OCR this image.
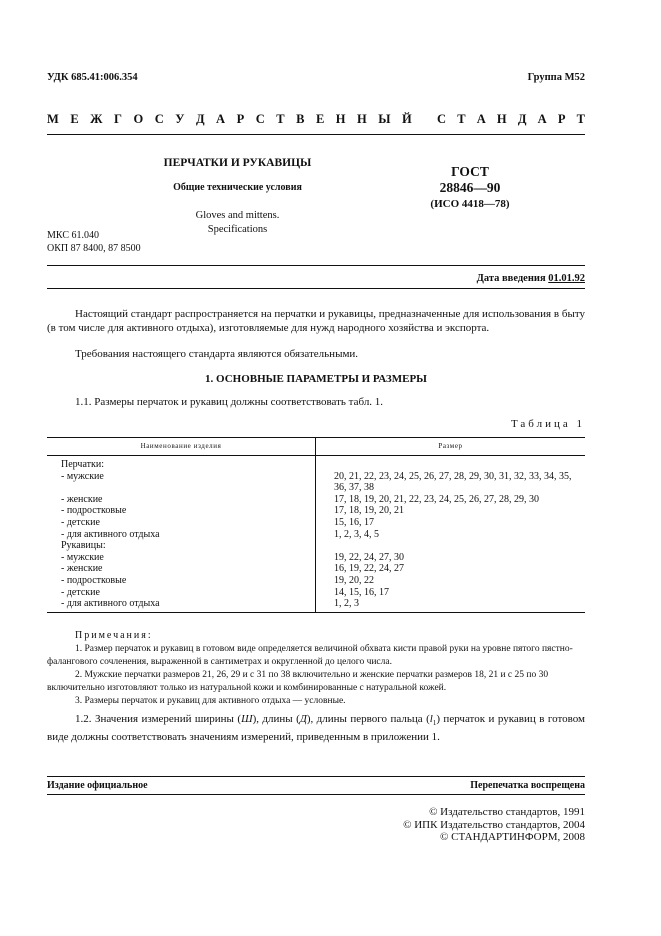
УДК 685.41:006.354	Группа М52
М Е Ж Г О С У Д А Р С Т В Е Н Н Ы Й С Т А Н Д А Р Т
ПЕРЧАТКИ И РУКАВИЦЫ
Общие технические условия
Gloves and mittens.
Specifications
ГОСТ
28846—90
(ИСО 4418—78)
МКС 61.040
ОКП 87 8400, 87 8500
Дата введения 01.01.92
Настоящий стандарт распространяется на перчатки и рукавицы, предназначенные для использования в быту (в том числе для активного отдыха), изготовляемые для нужд народного хозяйства и экспорта.
Требования настоящего стандарта являются обязательными.
1. ОСНОВНЫЕ ПАРАМЕТРЫ И РАЗМЕРЫ
1.1. Размеры перчаток и рукавиц должны соответствовать табл. 1.
Таблица 1
Наименование изделия	Размер
Перчатки:	
- мужские	20, 21, 22, 23, 24, 25, 26, 27, 28, 29, 30, 31, 32, 33, 34, 35, 36, 37, 38
- женские	17, 18, 19, 20, 21, 22, 23, 24, 25, 26, 27, 28, 29, 30
- подростковые	17, 18, 19, 20, 21
- детские	15, 16, 17
- для активного отдыха	1, 2, 3, 4, 5
Рукавицы:	
- мужские	19, 22, 24, 27, 30
- женские	16, 19, 22, 24, 27
- подростковые	19, 20, 22
- детские	14, 15, 16, 17
- для активного отдыха	1, 2, 3
Примечания:
1. Размер перчаток и рукавиц в готовом виде определяется величиной обхвата кисти правой руки на уровне пятого пястно-фалангового сочленения, выраженной в сантиметрах и округленной до целого числа.
2. Мужские перчатки размеров 21, 26, 29 и с 31 по 38 включительно и женские перчатки размеров 18, 21 и с 25 по 30 включительно изготовляют только из натуральной кожи и комбинированные с натуральной кожей.
3. Размеры перчаток и рукавиц для активного отдыха — условные.
1.2. Значения измерений ширины (Ш), длины (Д), длины первого пальца $(l_1)$ перчаток и рукавиц в готовом виде должны соответствовать значениям измерений, приведенным в приложении 1.
Издание официальное	Перепечатка воспрещена
© Издательство стандартов, 1991
© ИПК Издательство стандартов, 2004
© СТАНДАРТИНФОРМ, 2008
